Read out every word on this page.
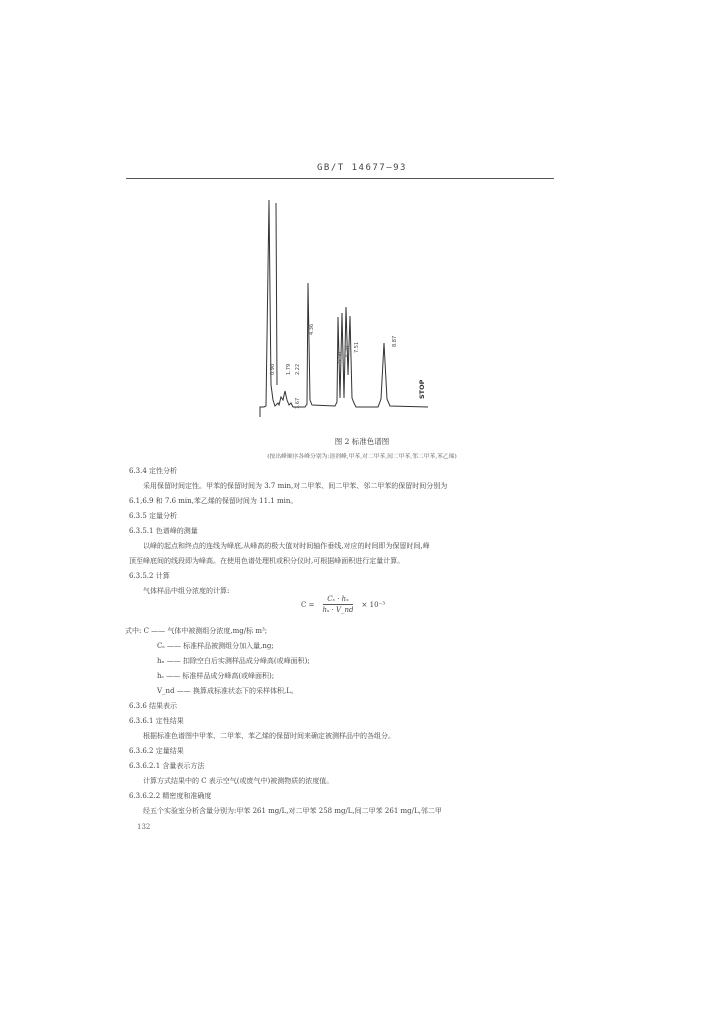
GB/T 14677—93
0.90 1.79 2.22
1.67
4.36
5.50
6.28 7.51
8.87
STOP
图 2 标准色谱图
(按出峰顺序各峰分别为:溶剂峰,甲苯,对二甲苯,间二甲苯,邻二甲苯,苯乙烯)
6.3.4 定性分析
采用保留时间定性。甲苯的保留时间为 3.7 min,对二甲苯、间二甲苯、邻二甲苯的保留时间分别为
6.1,6.9 和 7.6 min,苯乙烯的保留时间为 11.1 min。
6.3.5 定量分析
6.3.5.1 色谱峰的测量
以峰的起点和终点的连线为峰底,从峰高的极大值对时间轴作垂线,对应的时间即为保留时间,峰
顶至峰底间的线段即为峰高。在使用色谱处理机或积分仪时,可根据峰面积进行定量计算。
6.3.5.2 计算
气体样品中组分浓度的计算:
$C = \frac{\text{Cₛ · hₓ}}{\text{hₛ · V\_nd}} \times 10^{-3}$
式中: C —— 气体中被测组分浓度,mg/标 m³;
Cₛ —— 标准样品被测组分加入量,ng;
hₓ —— 扣除空白后实测样品成分峰高(或峰面积);
hₛ —— 标准样品成分峰高(或峰面积);
V_nd —— 换算成标准状态下的采样体积,L。
6.3.6 结果表示
6.3.6.1 定性结果
根据标准色谱图中甲苯、二甲苯、苯乙烯的保留时间来确定被测样品中的各组分。
6.3.6.2 定量结果
6.3.6.2.1 含量表示方法
计算方式结果中的 C 表示空气(或废气中)被测物质的浓度值。
6.3.6.2.2 精密度和准确度
经五个实验室分析含量分别为:甲苯 261 mg/L,对二甲苯 258 mg/L,间二甲苯 261 mg/L,邻二甲
132
